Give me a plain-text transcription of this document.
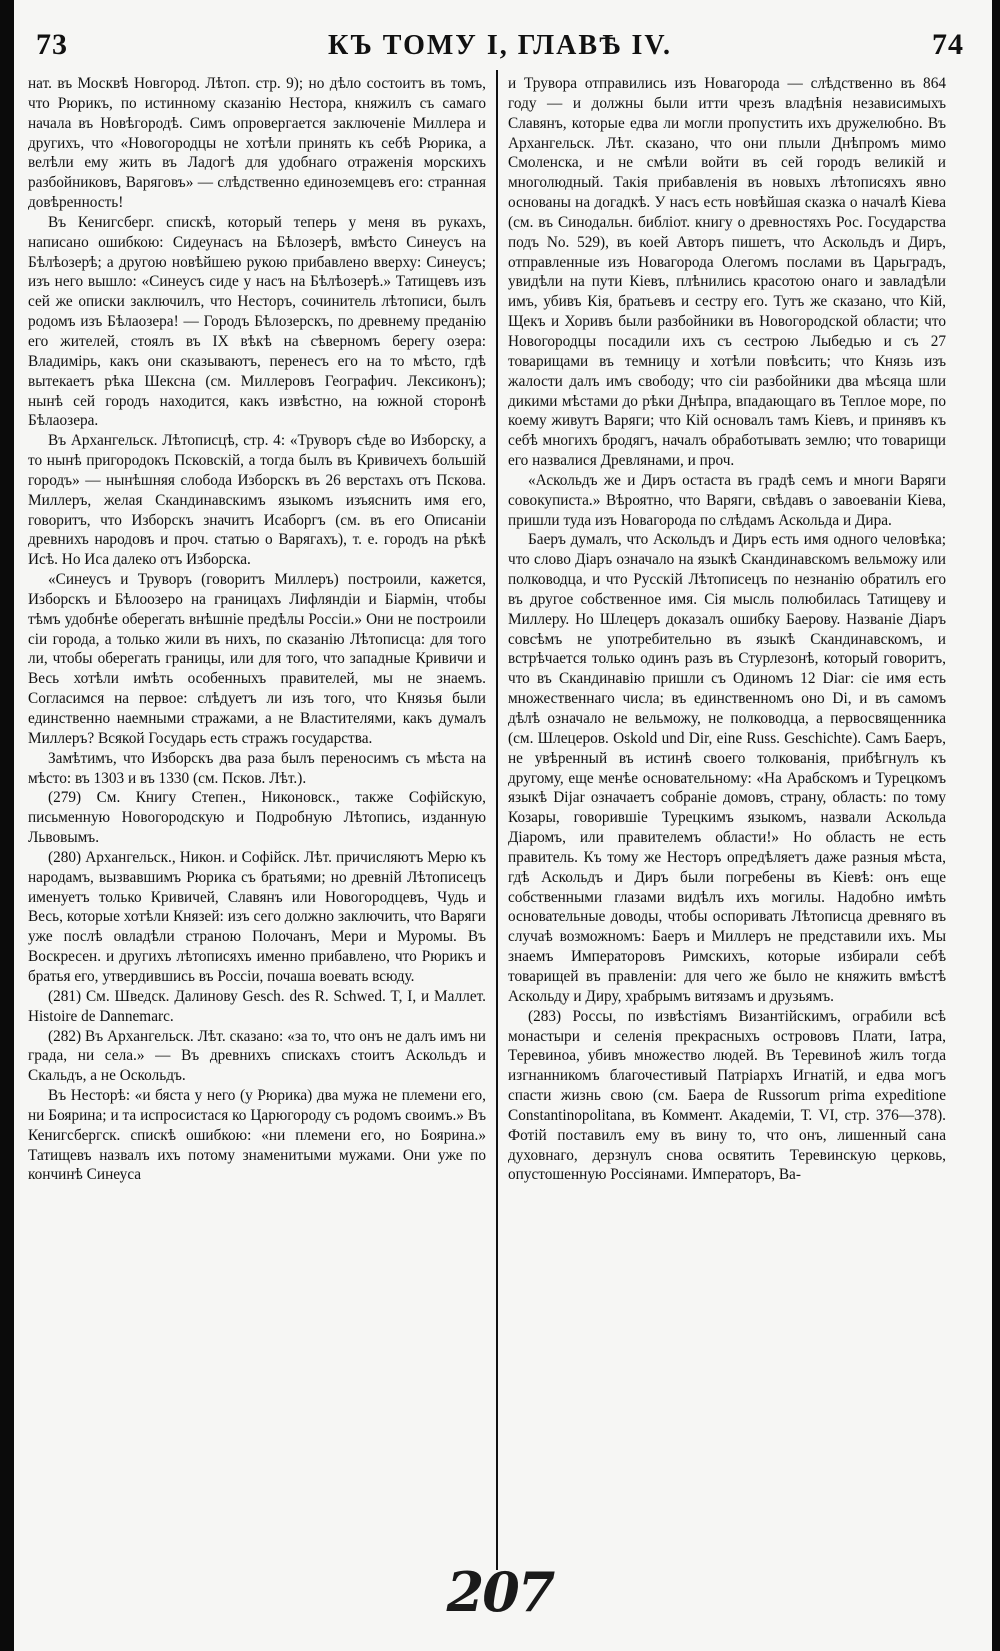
73	КЪ ТОМУ I, ГЛАВѢ IV.	74

нат. въ Москвѣ Новгород. Лѣтоп. стр. 9); но дѣло состоитъ въ томъ, что Рюрикъ, по истинному сказанію Нестора, княжилъ съ самаго начала въ Новѣгородѣ. Симъ опровергается заключеніе Миллера и другихъ, что «Новогородцы не хотѣли принять къ себѣ Рюрика, а велѣли ему жить въ Ладогѣ для удобнаго отраженія морскихъ разбойниковъ, Варяговъ» — слѣдственно единоземцевъ его: странная довѣренность!

Въ Кенигсберг. спискѣ, который теперь у меня въ рукахъ, написано ошибкою: Сидеунасъ на Бѣлозерѣ, вмѣсто Синеусъ на Бѣлѣозерѣ; а другою новѣйшею рукою прибавлено вверху: Синеусъ; изъ него вышло: «Синеусъ сиде у насъ на Бѣлѣозерѣ.» Татищевъ изъ сей же описки заключилъ, что Несторъ, сочинитель лѣтописи, былъ родомъ изъ Бѣлаозера! — Городъ Бѣлозерскъ, по древнему преданію его жителей, стоялъ въ IX вѣкѣ на сѣверномъ берегу озера: Владимірь, какъ они сказываютъ, перенесъ его на то мѣсто, гдѣ вытекаетъ рѣка Шексна (см. Миллеровъ Географич. Лексиконъ); нынѣ сей городъ находится, какъ извѣстно, на южной сторонѣ Бѣлаозера.

Въ Архангельск. Лѣтописцѣ, стр. 4: «Труворъ сѣде во Изборску, а то нынѣ пригородокъ Псковскій, а тогда былъ въ Кривичехъ большій городъ» — нынѣшняя слобода Изборскъ въ 26 верстахъ отъ Пскова. Миллеръ, желая Скандинавскимъ языкомъ изъяснить имя его, говоритъ, что Изборскъ значитъ Исаборгъ (см. въ его Описаніи древнихъ народовъ и проч. статью о Варягахъ), т. е. городъ на рѣкѣ Исѣ. Но Иса далеко отъ Изборска.

«Синеусъ и Труворъ (говоритъ Миллеръ) построили, кажется, Изборскъ и Бѣлоозеро на границахъ Лифляндіи и Біармін, чтобы тѣмъ удобнѣе оберегать внѣшніе предѣлы Россіи.» Они не построили сіи города, а только жили въ нихъ, по сказанію Лѣтописца: для того ли, чтобы оберегать границы, или для того, что западные Кривичи и Весь хотѣли имѣть особенныхъ правителей, мы не знаемъ. Согласимся на первое: слѣдуетъ ли изъ того, что Князья были единственно наемными стражами, а не Властителями, какъ думалъ Миллеръ? Всякой Государь есть стражъ государства.

Замѣтимъ, что Изборскъ два раза былъ переносимъ съ мѣста на мѣсто: въ 1303 и въ 1330 (см. Псков. Лѣт.).

(279) См. Книгу Степен., Никоновск., также Софійскую, письменную Новогородскую и Подробную Лѣтопись, изданную Львовымъ.

(280) Архангельск., Никон. и Софійск. Лѣт. причисляютъ Мерю къ народамъ, вызвавшимъ Рюрика съ братьями; но древній Лѣтописецъ именуетъ только Кривичей, Славянъ или Новогородцевъ, Чудь и Весь, которые хотѣли Князей: изъ сего должно заключить, что Варяги уже послѣ овладѣли страною Полочанъ, Мери и Муромы. Въ Воскресен. и другихъ лѣтописяхъ именно прибавлено, что Рюрикъ и братья его, утвердившись въ Россіи, почаша воевать всюду.

(281) См. Шведск. Далинову Gesch. des R. Schwed. T, I, и Маллет. Histoire de Dannemarc.

(282) Въ Архангельск. Лѣт. сказано: «за то, что онъ не далъ имъ ни града, ни села.» — Въ древнихъ спискахъ стоитъ Аскольдъ и Скальдъ, а не Оскольдъ.

Въ Несторѣ: «и бяста у него (у Рюрика) два мужа не племени его, ни Боярина; и та испросистася ко Царюгороду съ родомъ своимъ.» Въ Кенигсбергск. спискѣ ошибкою: «ни племени его, но Боярина.» Татищевъ назвалъ ихъ потому знаменитыми мужами. Они уже по кончинѣ Синеуса

и Трувора отправились изъ Новагорода — слѣдственно въ 864 году — и должны были итти чрезъ владѣнія независимыхъ Славянъ, которые едва ли могли пропустить ихъ дружелюбно. Въ Архангельск. Лѣт. сказано, что они плыли Днѣпромъ мимо Смоленска, и не смѣли войти въ сей городъ великій и многолюдный. Такія прибавленія въ новыхъ лѣтописяхъ явно основаны на догадкѣ. У насъ есть новѣйшая сказка о началѣ Кіева (см. въ Синодальн. библіот. книгу о древностяхъ Рос. Государства подъ No. 529), въ коей Авторъ пишетъ, что Аскольдъ и Диръ, отправленные изъ Новагорода Олегомъ послами въ Царьградъ, увидѣли на пути Кіевъ, плѣнились красотою онаго и завладѣли имъ, убивъ Кія, братьевъ и сестру его. Тутъ же сказано, что Кій, Щекъ и Хоривъ были разбойники въ Новогородской области; что Новогородцы посадили ихъ съ сестрою Лыбедью и съ 27 товарищами въ темницу и хотѣли повѣсить; что Князь изъ жалости далъ имъ свободу; что сіи разбойники два мѣсяца шли дикими мѣстами до рѣки Днѣпра, впадающаго въ Теплое море, по коему живутъ Варяги; что Кій основалъ тамъ Кіевъ, и принявъ къ себѣ многихъ бродягъ, началъ обработывать землю; что товарищи его назвалися Древлянами, и проч.

«Аскольдъ же и Диръ остаста въ градѣ семъ и многи Варяги совокуписта.» Вѣроятно, что Варяги, свѣдавъ о завоеваніи Кіева, пришли туда изъ Новагорода по слѣдамъ Аскольда и Дира.

Баеръ думалъ, что Аскольдъ и Диръ есть имя одного человѣка; что слово Діаръ означало на языкѣ Скандинавскомъ вельможу или полководца, и что Русскій Лѣтописецъ по незнанію обратилъ его въ другое собственное имя. Сія мысль полюбилась Татищеву и Миллеру. Но Шлецеръ доказалъ ошибку Баерову. Названіе Діаръ совсѣмъ не употребительно въ языкѣ Скандинавскомъ, и встрѣчается только одинъ разъ въ Стурлезонѣ, который говоритъ, что въ Скандинавію пришли съ Одиномъ 12 Diar: сіе имя есть множественнаго числа; въ единственномъ оно Di, и въ самомъ дѣлѣ означало не вельможу, не полководца, а первосвященника (см. Шлецеров. Oskold und Dir, eine Russ. Geschichte). Самъ Баеръ, не увѣренный въ истинѣ своего толкованія, прибѣгнулъ къ другому, еще менѣе основательному: «На Арабскомъ и Турецкомъ языкѣ Dijar означаетъ собраніе домовъ, страну, область: по тому Козары, говорившіе Турецкимъ языкомъ, назвали Аскольда Діаромъ, или правителемъ области!» Но область не есть правитель. Къ тому же Несторъ опредѣляетъ даже разныя мѣста, гдѣ Аскольдъ и Диръ были погребены въ Кіевѣ: онъ еще собственными глазами видѣлъ ихъ могилы. Надобно имѣть основательные доводы, чтобы оспоривать Лѣтописца древняго въ случаѣ возможномъ: Баеръ и Миллеръ не представили ихъ. Мы знаемъ Императоровъ Римскихъ, которые избирали себѣ товарищей въ правленіи: для чего же было не княжить вмѣстѣ Аскольду и Диру, храбрымъ витязамъ и друзьямъ.

(283) Россы, по извѣстіямъ Византійскимъ, ограбили всѣ монастыри и селенія прекрасныхъ острововъ Плати, Іатра, Теревиноа, убивъ множество людей. Въ Теревиноѣ жилъ тогда изгнанникомъ благочестивый Патріархъ Игнатій, и едва могъ спасти жизнь свою (см. Баера de Russorum prima expeditione Constantinopolitana, въ Коммент. Академіи, Т. VI, стр. 376—378). Фотій поставилъ ему въ вину то, что онъ, лишенный сана духовнаго, дерзнулъ снова освятить Теревинскую церковь, опустошенную Россіянами. Императоръ, Ва-

207
